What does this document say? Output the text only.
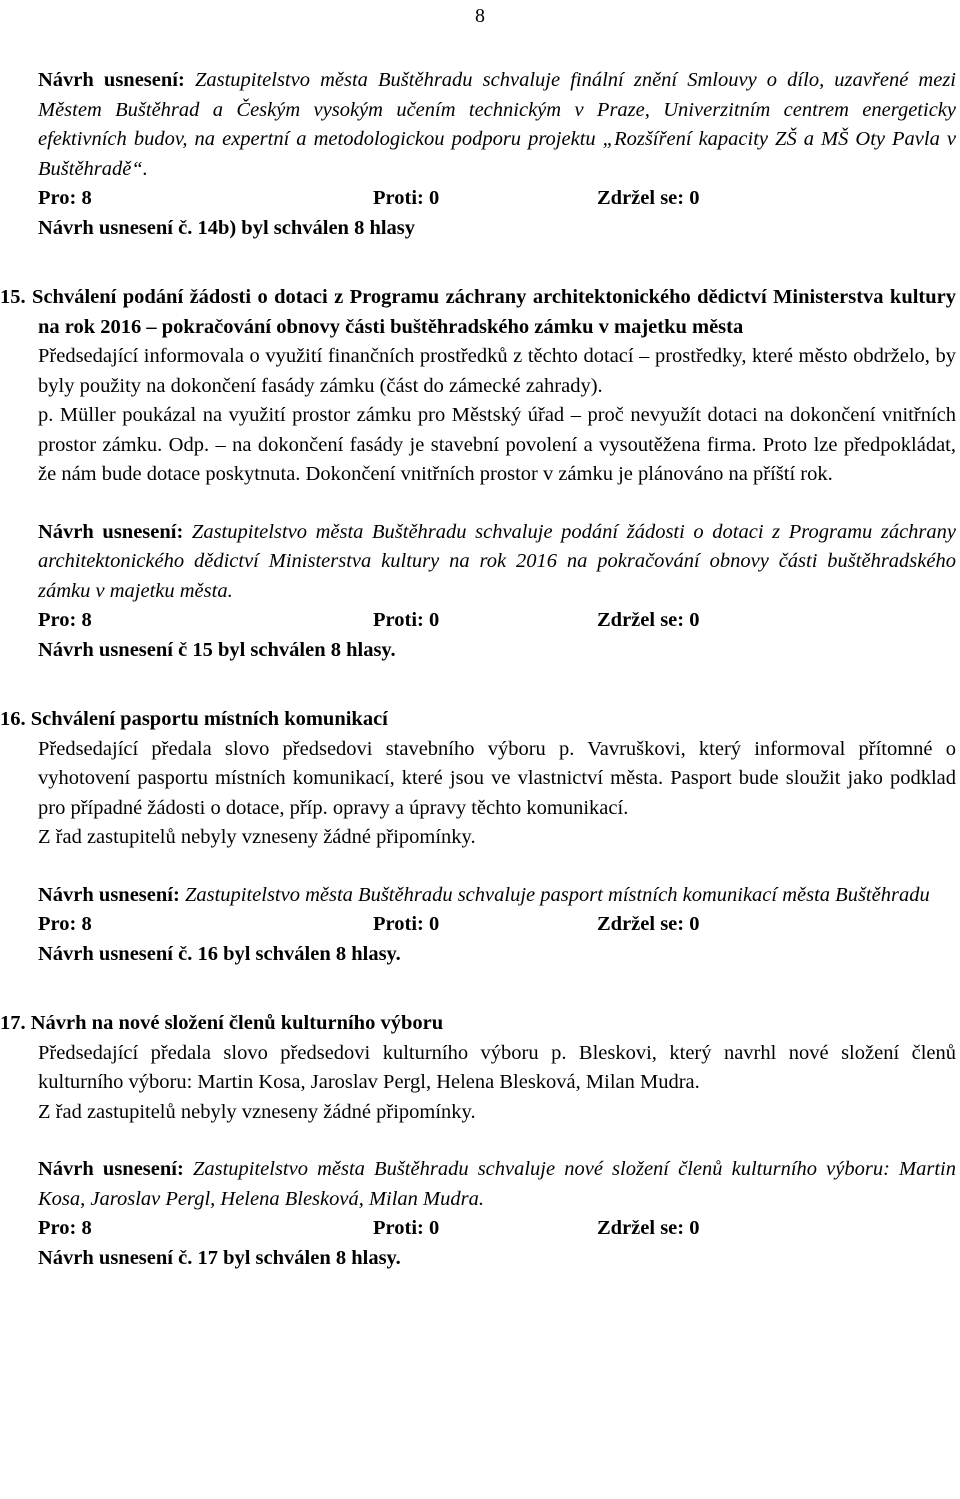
8

Návrh usnesení: Zastupitelstvo města Buštěhradu schvaluje finální znění Smlouvy o dílo, uzavřené mezi Městem Buštěhrad a Českým vysokým učením technickým v Praze, Univerzitním centrem energeticky efektivních budov, na expertní a metodologickou podporu projektu „Rozšíření kapacity ZŠ a MŠ Oty Pavla v Buštěhradě“.

Pro: 8	Proti: 0	Zdržel se: 0

Návrh usnesení č. 14b) byl schválen 8 hlasy

15. Schválení podání žádosti o dotaci z Programu záchrany architektonického dědictví Ministerstva kultury na rok 2016 – pokračování obnovy části buštěhradského zámku v majetku města

Předsedající informovala o využití finančních prostředků z těchto dotací – prostředky, které město obdrželo, by byly použity na dokončení fasády zámku (část do zámecké zahrady).

p. Müller poukázal na využití prostor zámku pro Městský úřad – proč nevyužít dotaci na dokončení vnitřních prostor zámku. Odp. – na dokončení fasády je stavební povolení a vysoutěžena firma. Proto lze předpokládat, že nám bude dotace poskytnuta. Dokončení vnitřních prostor v zámku je plánováno na příští rok.

Návrh usnesení: Zastupitelstvo města Buštěhradu schvaluje podání žádosti o dotaci z Programu záchrany architektonického dědictví Ministerstva kultury na rok 2016 na pokračování obnovy části buštěhradského zámku v majetku města.

Pro: 8	Proti: 0	Zdržel se: 0

Návrh usnesení č 15 byl schválen 8 hlasy.

16. Schválení pasportu místních komunikací

Předsedající předala slovo předsedovi stavebního výboru p. Vavruškovi, který informoval přítomné o vyhotovení pasportu místních komunikací, které jsou ve vlastnictví města. Pasport bude sloužit jako podklad pro případné žádosti o dotace, příp. opravy a úpravy těchto komunikací.

Z řad zastupitelů nebyly vzneseny žádné připomínky.

Návrh usnesení: Zastupitelstvo města Buštěhradu schvaluje pasport místních komunikací města Buštěhradu

Pro: 8	Proti: 0	Zdržel se: 0

Návrh usnesení č. 16 byl schválen 8 hlasy.

17. Návrh na nové složení členů kulturního výboru

Předsedající předala slovo předsedovi kulturního výboru p. Bleskovi, který navrhl nové složení členů kulturního výboru: Martin Kosa, Jaroslav Pergl, Helena Blesková, Milan Mudra.

Z řad zastupitelů nebyly vzneseny žádné připomínky.

Návrh usnesení: Zastupitelstvo města Buštěhradu schvaluje nové složení členů kulturního výboru: Martin Kosa, Jaroslav Pergl, Helena Blesková, Milan Mudra.

Pro: 8	Proti: 0	Zdržel se: 0

Návrh usnesení č. 17 byl schválen 8 hlasy.
